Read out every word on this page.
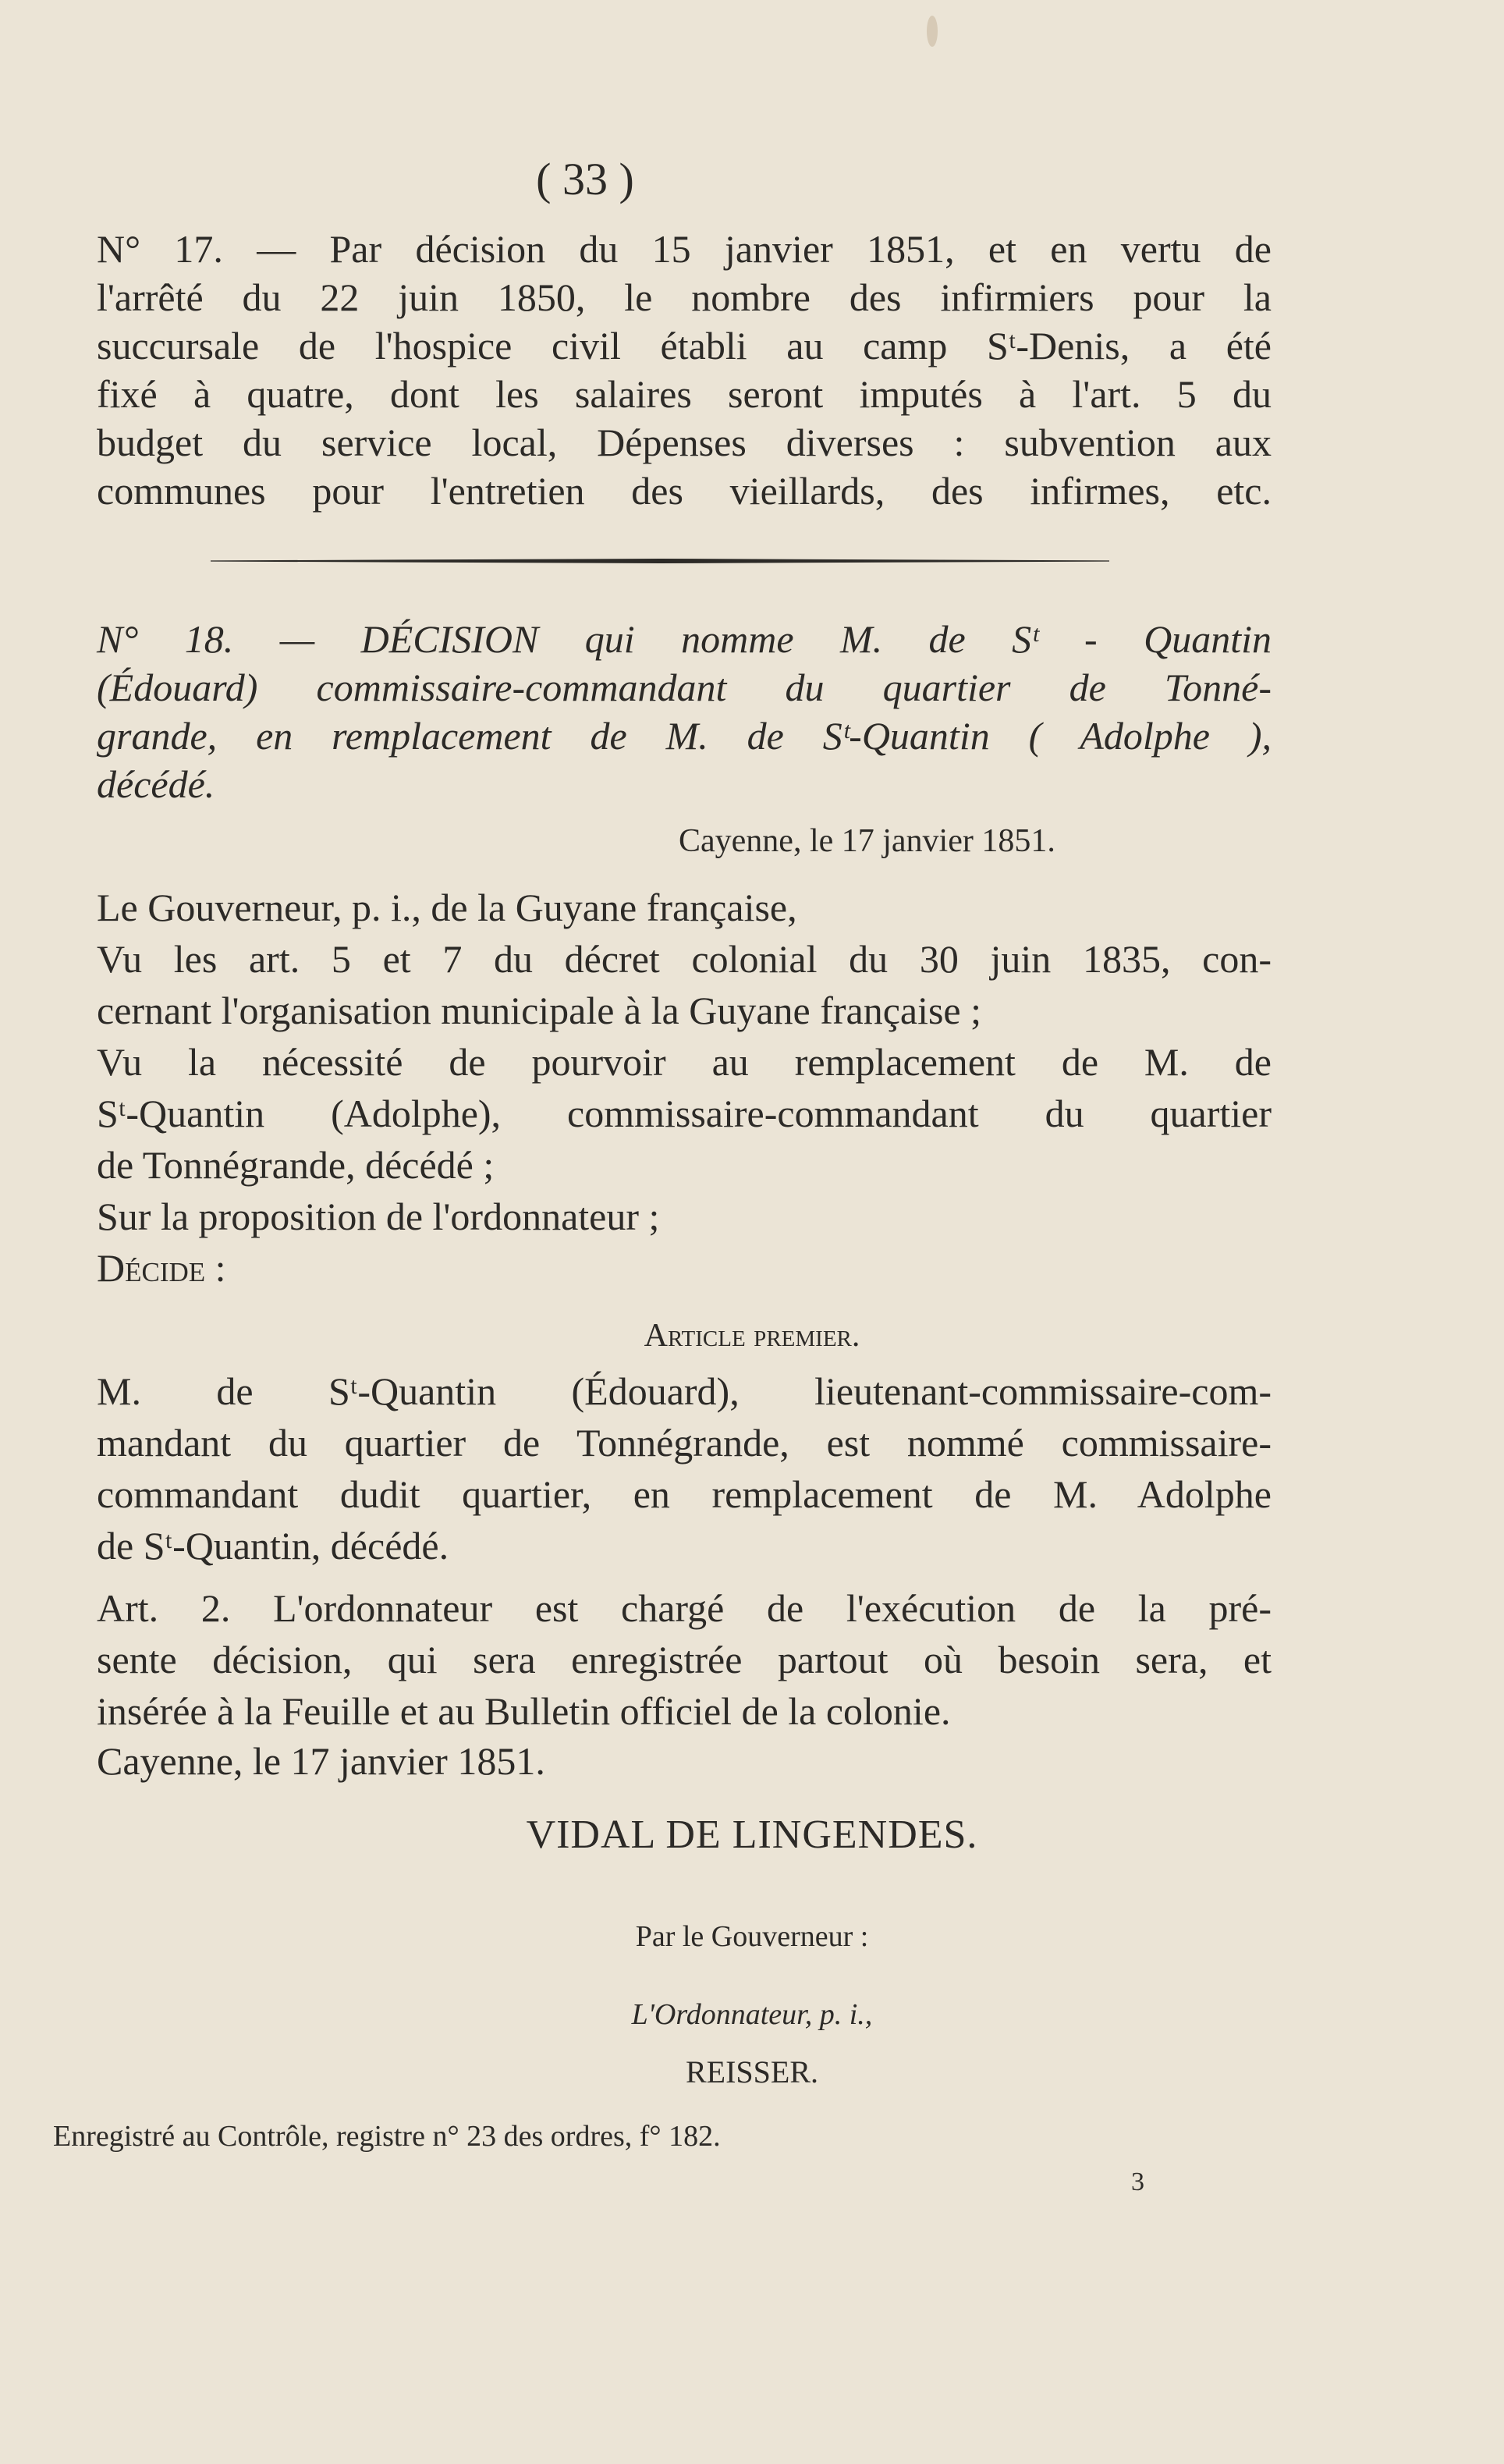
( 33 )
N° 17. — Par décision du 15 janvier 1851, et en vertu de
l'arrêté du 22 juin 1850, le nombre des infirmiers pour la
succursale de l'hospice civil établi au camp Sᵗ-Denis, a été
fixé à quatre, dont les salaires seront imputés à l'art. 5 du
budget du service local, Dépenses diverses : subvention aux
communes pour l'entretien des vieillards, des infirmes, etc.
N° 18. — DÉCISION qui nomme M. de Sᵗ - Quantin
(Édouard) commissaire-commandant du quartier de Tonné-
grande, en remplacement de M. de Sᵗ-Quantin ( Adolphe ),
décédé.
Cayenne, le 17 janvier 1851.
Le Gouverneur, p. i., de la Guyane française,
Vu les art. 5 et 7 du décret colonial du 30 juin 1835, con-
cernant l'organisation municipale à la Guyane française ;
Vu la nécessité de pourvoir au remplacement de M. de
Sᵗ-Quantin (Adolphe), commissaire-commandant du quartier
de Tonnégrande, décédé ;
Sur la proposition de l'ordonnateur ;
Décide :
Article premier.
M. de Sᵗ-Quantin (Édouard), lieutenant-commissaire-com-
mandant du quartier de Tonnégrande, est nommé commissaire-
commandant dudit quartier, en remplacement de M. Adolphe
de Sᵗ-Quantin, décédé.
Art. 2. L'ordonnateur est chargé de l'exécution de la pré-
sente décision, qui sera enregistrée partout où besoin sera, et
insérée à la Feuille et au Bulletin officiel de la colonie.
Cayenne, le 17 janvier 1851.
VIDAL DE LINGENDES.
Par le Gouverneur :
L'Ordonnateur, p. i.,
REISSER.
Enregistré au Contrôle, registre n° 23 des ordres, f° 182.
3
